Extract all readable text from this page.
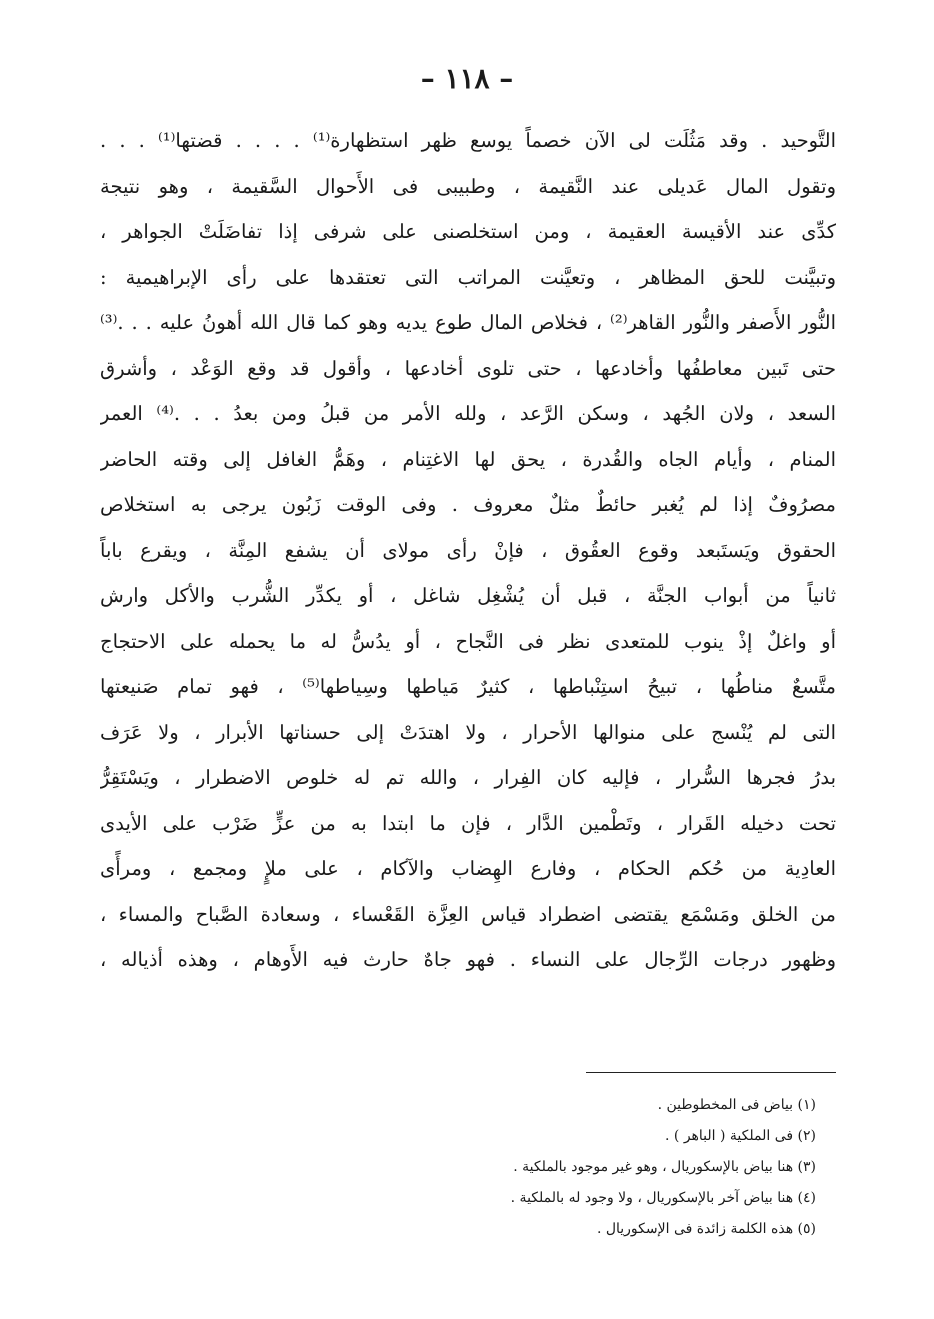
– ١١٨ –
التَّوحيد . وقد مَثُلَت لى الآن خصماً يوسع ظهر استظهارة⁽¹⁾ . . . . قضتها⁽¹⁾ . . .
وتقول المال عَديلى عند النَّقيمة ، وطبيبى فى الأَحوال السَّقيمة ، وهو نتيجة
كدِّى عند الأقيسة العقيمة ، ومن استخلصنى على شرفى إذا تفاضَلَتْ الجواهر ،
وتبيَّنت للحق المظاهر ، وتعيَّنت المراتب التى تعتقدها على رأى الإبراهيمية :
النُّور الأَصفر والنُّور القاهر⁽²⁾ ، فخلاص المال طوع يديه وهو كما قال الله أهونُ عليه . . .⁽³⁾
حتى تَبين معاطفُها وأخادعها ، حتى تلوى أخادعها ، وأقول قد وقع الوَعْد ، وأشرق
السعد ، ولان الجُهد ، وسكن الرَّعد ، ولله الأمر من قبلُ ومن بعدُ . . .⁽⁴⁾ العمر
المنام ، وأيام الجاه والقُدرة ، يحق لها الاغتِنام ، وهَمُّ الغافل إلى وقته الحاضر
مصرُوفٌ إذا لم يُغبر حائطٌ مثلٌ معروف . وفى الوقت زَبُون يرجى به استخلاص
الحقوق ويَستَبعد وقوع العقُوق ، فإنْ رأى مولاى أن يشفع المِنَّة ، ويقرع باباً
ثانياً من أبواب الجنَّة ، قبل أن يُشْغِل شاغل ، أو يكدِّر الشُّرب والأكل وارش
أو واغلٌ إذْ ينوب للمتعدى نظر فى النَّجاح ، أو يدُسُّ له ما يحمله على الاحتجاج
متَّسعٌ مناطُها ، تبيحُ استِنْباطها ، كثيرٌ مَياطها وسِياطها⁽⁵⁾ ، فهو تمام صَنيعتها
التى لم يُنْسج على منوالها الأحرار ، ولا اهتدَتْ إلى حسناتها الأبرار ، ولا عَرَف
بدرُ فجرها السُّرار ، فإليه كان الفِرار ، والله تم له خلوص الاضطرار ، ويَسْتَقِرُّ
تحت دخيله القَرار ، وتَطْمين الدَّار ، فإن ما ابتدا به من عزٍّ ضَرْب على الأيدى
العادِية من حُكم الحكام ، وفارع الهِضاب والآكام ، على ملإٍ ومجمع ، ومرأًى
من الخلق ومَسْمَع يقتضى اضطراد قياس العِزَّة القَعْساء ، وسعادة الصَّباح والمساء ،
وظهور درجات الرِّجال على النساء . فهو جاهٌ حارث فيه الأَوهام ، وهذه أذياله ،
(١) بياض فى المخطوطين .
(٢) فى الملكية ( الباهر ) .
(٣) هنا بياض بالإسكوريال ، وهو غير موجود بالملكية .
(٤) هنا بياض آخر بالإسكوريال ، ولا وجود له بالملكية .
(٥) هذه الكلمة زائدة فى الإسكوريال .
